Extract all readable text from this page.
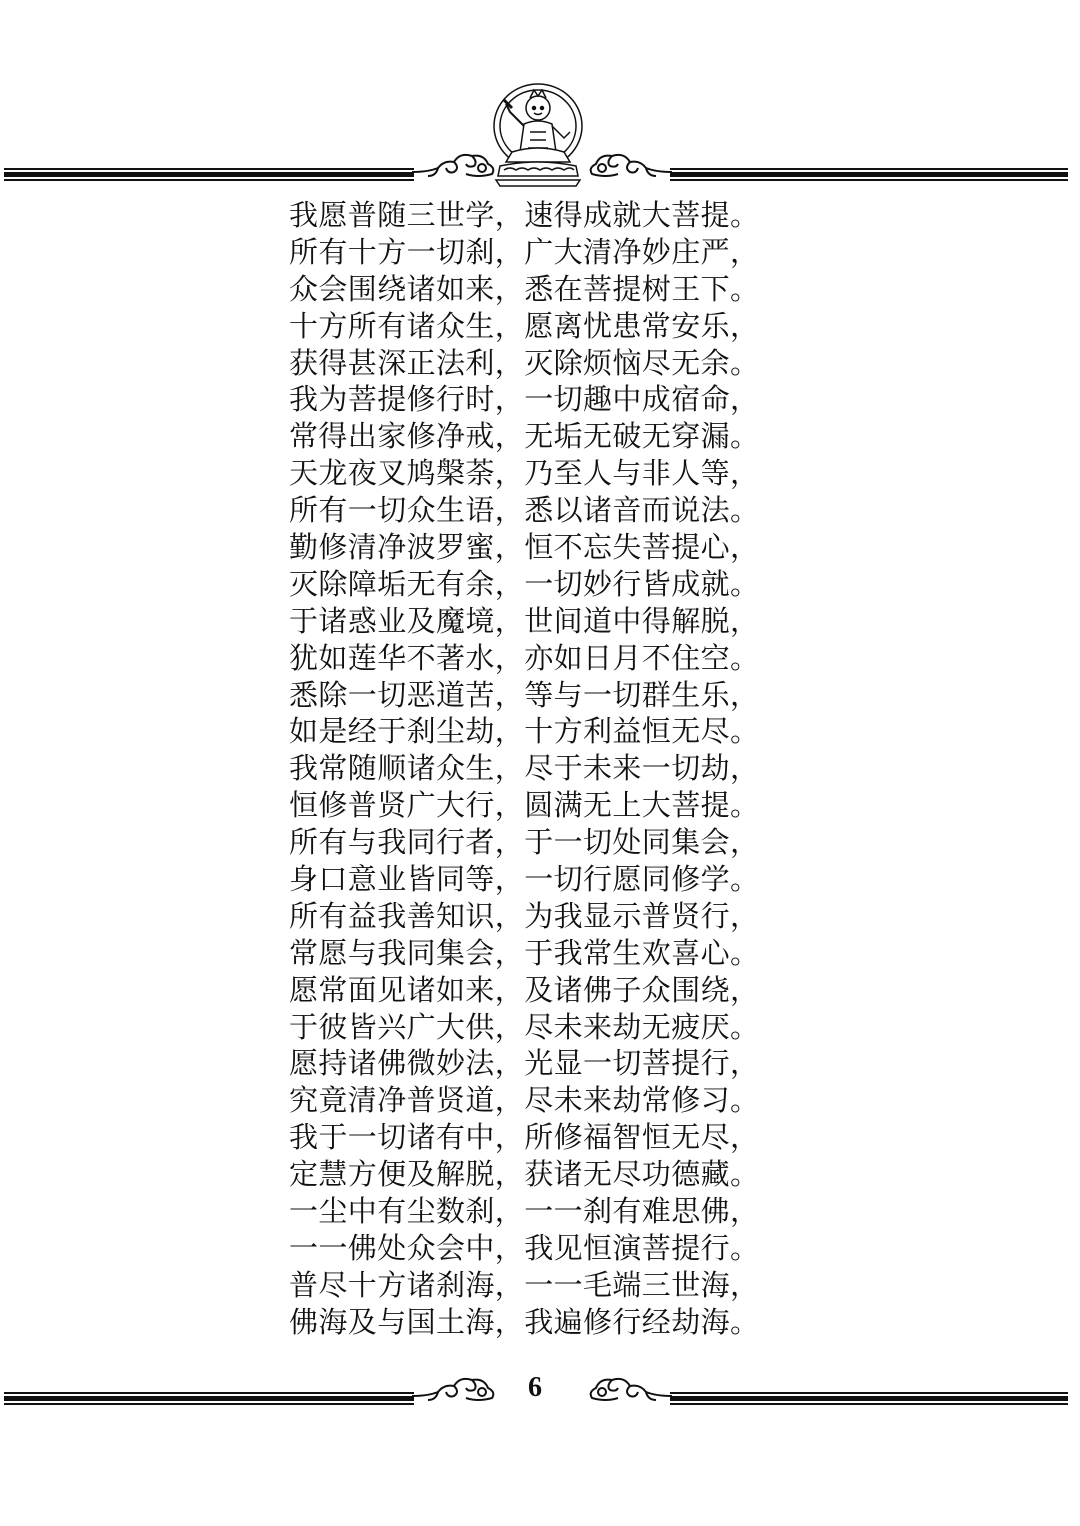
我愿普随三世学，速得成就大菩提。
所有十方一切刹，广大清净妙庄严，
众会围绕诸如来，悉在菩提树王下。
十方所有诸众生，愿离忧患常安乐，
获得甚深正法利，灭除烦恼尽无余。
我为菩提修行时，一切趣中成宿命，
常得出家修净戒，无垢无破无穿漏。
天龙夜叉鸠槃荼，乃至人与非人等，
所有一切众生语，悉以诸音而说法。
勤修清净波罗蜜，恒不忘失菩提心，
灭除障垢无有余，一切妙行皆成就。
于诸惑业及魔境，世间道中得解脱，
犹如莲华不著水，亦如日月不住空。
悉除一切恶道苦，等与一切群生乐，
如是经于刹尘劫，十方利益恒无尽。
我常随顺诸众生，尽于未来一切劫，
恒修普贤广大行，圆满无上大菩提。
所有与我同行者，于一切处同集会，
身口意业皆同等，一切行愿同修学。
所有益我善知识，为我显示普贤行，
常愿与我同集会，于我常生欢喜心。
愿常面见诸如来，及诸佛子众围绕，
于彼皆兴广大供，尽未来劫无疲厌。
愿持诸佛微妙法，光显一切菩提行，
究竟清净普贤道，尽未来劫常修习。
我于一切诸有中，所修福智恒无尽，
定慧方便及解脱，获诸无尽功德藏。
一尘中有尘数刹，一一刹有难思佛，
一一佛处众会中，我见恒演菩提行。
普尽十方诸刹海，一一毛端三世海，
佛海及与国土海，我遍修行经劫海。
6
